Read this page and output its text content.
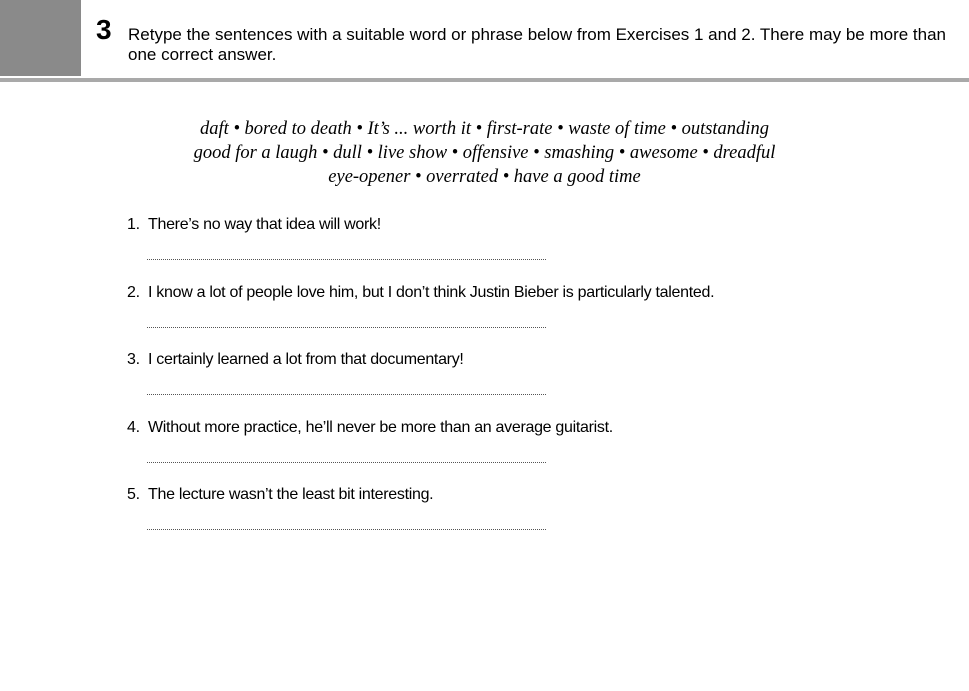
3 Retype the sentences with a suitable word or phrase below from Exercises 1 and 2. There may be more than one correct answer.
daft • bored to death • It’s ... worth it • first-rate • waste of time • outstanding
good for a laugh • dull • live show • offensive • smashing • awesome • dreadful
eye-opener • overrated • have a good time
1. There’s no way that idea will work!
2. I know a lot of people love him, but I don’t think Justin Bieber is particularly talented.
3. I certainly learned a lot from that documentary!
4. Without more practice, he’ll never be more than an average guitarist.
5. The lecture wasn’t the least bit interesting.
